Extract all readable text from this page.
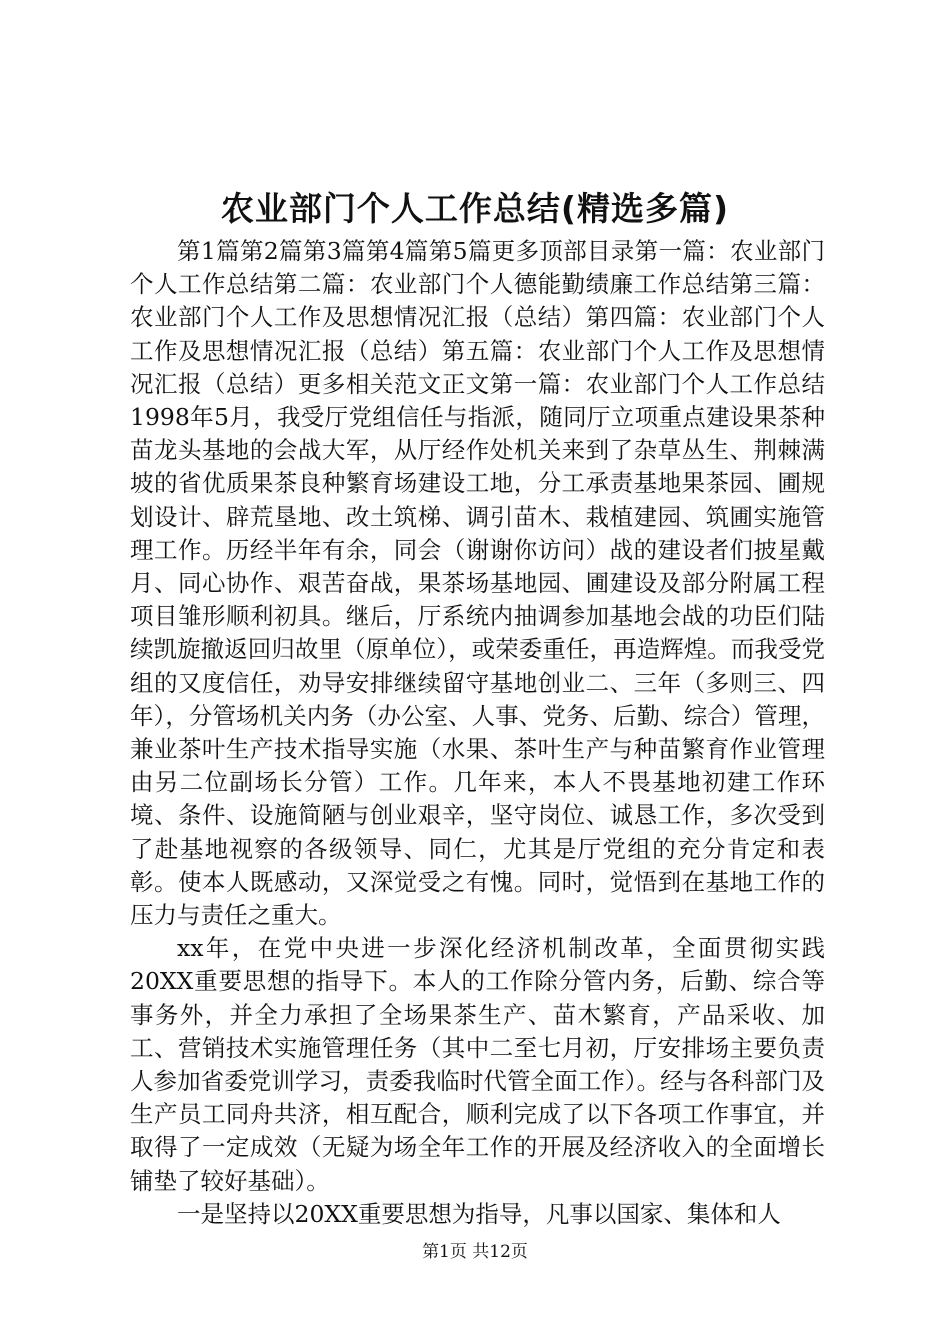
农业部门个人工作总结(精选多篇)

第1篇第2篇第3篇第4篇第5篇更多顶部目录第一篇：农业部门个人工作总结第二篇：农业部门个人德能勤绩廉工作总结第三篇：农业部门个人工作及思想情况汇报（总结）第四篇：农业部门个人工作及思想情况汇报（总结）第五篇：农业部门个人工作及思想情况汇报（总结）更多相关范文正文第一篇：农业部门个人工作总结1998年5月，我受厅党组信任与指派，随同厅立项重点建设果茶种苗龙头基地的会战大军，从厅经作处机关来到了杂草丛生、荆棘满坡的省优质果茶良种繁育场建设工地，分工承责基地果茶园、圃规划设计、辟荒垦地、改土筑梯、调引苗木、栽植建园、筑圃实施管理工作。历经半年有余，同会（谢谢你访问）战的建设者们披星戴月、同心协作、艰苦奋战，果茶场基地园、圃建设及部分附属工程项目雏形顺利初具。继后，厅系统内抽调参加基地会战的功臣们陆续凯旋撤返回归故里（原单位），或荣委重任，再造辉煌。而我受党组的又度信任，劝导安排继续留守基地创业二、三年（多则三、四年），分管场机关内务（办公室、人事、党务、后勤、综合）管理，兼业茶叶生产技术指导实施（水果、茶叶生产与种苗繁育作业管理由另二位副场长分管）工作。几年来，本人不畏基地初建工作环境、条件、设施简陋与创业艰辛，坚守岗位、诚恳工作，多次受到了赴基地视察的各级领导、同仁，尤其是厅党组的充分肯定和表彰。使本人既感动，又深觉受之有愧。同时，觉悟到在基地工作的压力与责任之重大。

xx年，在党中央进一步深化经济机制改革，全面贯彻实践20XX重要思想的指导下。本人的工作除分管内务，后勤、综合等事务外，并全力承担了全场果茶生产、苗木繁育，产品采收、加工、营销技术实施管理任务（其中二至七月初，厅安排场主要负责人参加省委党训学习，责委我临时代管全面工作）。经与各科部门及生产员工同舟共济，相互配合，顺利完成了以下各项工作事宜，并取得了一定成效（无疑为场全年工作的开展及经济收入的全面增长铺垫了较好基础）。

一是坚持以20XX重要思想为指导，凡事以国家、集体和人

第1页 共12页
